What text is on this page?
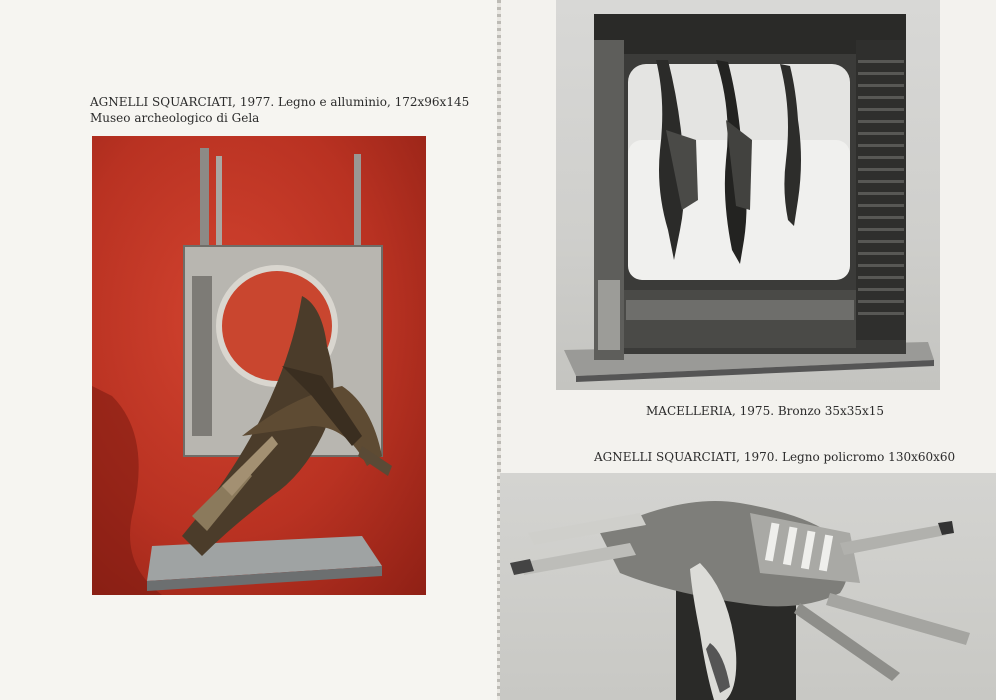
AGNELLI SQUARCIATI, 1977. Legno e alluminio, 172x96x145
Museo archeologico di Gela
MACELLERIA, 1975. Bronzo 35x35x15
AGNELLI SQUARCIATI, 1970. Legno policromo 130x60x60
